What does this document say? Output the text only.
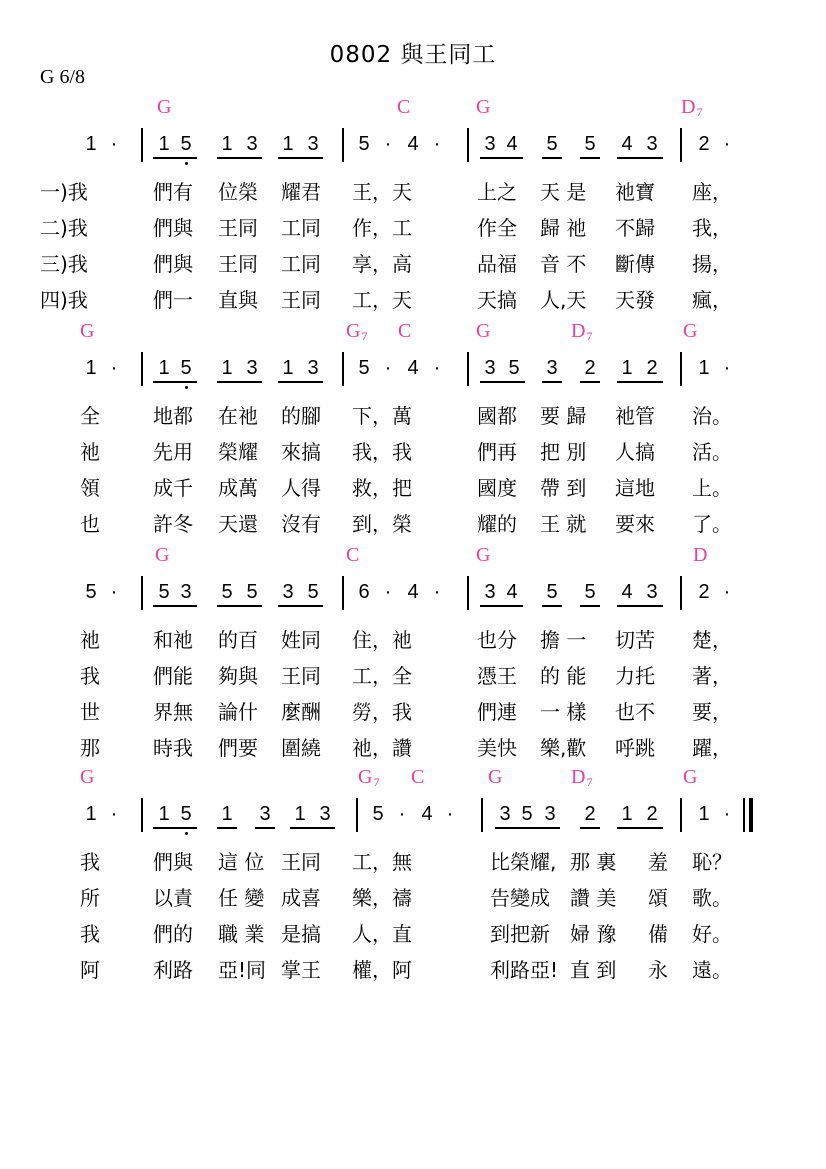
0802 與王同工
G 6/8
G	C	G	D7
1 ·	1 5 1 3 1 3 5 · 4 ·	3 4 5 5 4 3 2 ·
一)我	們有 位榮 耀君 王，天	上之 天 是 祂寶 座，
二)我	們與 王同 工同 作，工	作全 歸 祂 不歸 我，
三)我	們與 王同 工同 享，高	品福 音 不 斷傳 揚，
四)我	們一 直與 王同 工，天	天搞 人,天 天發 瘋，
G	G7 C	G	D7	G
1 ·	1 5 1 3 1 3 5 · 4 ·	3 5 3 2 1 2 1 ·
全	地都 在祂 的腳 下，萬	國都 要 歸 祂管 治。
祂	先用 榮耀 來搞 我，我	們再 把 別 人搞 活。
領	成千 成萬 人得 救，把	國度 帶 到 這地 上。
也	許冬 天還 沒有 到，榮	耀的 王 就 要來 了。
G	C	G	D
5 ·	5 3 5 5 3 5 6 · 4 ·	3 4 5 5 4 3 2 ·
祂	和祂 的百 姓同 住，祂	也分 擔 一 切苦 楚，
我	們能 夠與 王同 工，全	憑王 的 能 力托 著，
世	界無 論什 麼酬 勞，我	們連 一 樣 也不 要，
那	時我 們要 圍繞 祂，讚	美快 樂,歡 呼跳 躍，
G	G7 C	G	D7	G
1 ·	1 5 1 3 1 3 5 · 4 ·	3 5 3 2 1 2 1 ·
我	們與 這 位 王同 工，無	比榮耀, 那 裏 羞 恥？
所	以責 任 變 成喜 樂，禱	告變成 讚 美 頌 歌。
我	們的 職 業 是搞 人，直	到把新 婦 豫 備 好。
阿	利路 亞!同 掌王 權，阿	利路亞! 直 到 永 遠。
